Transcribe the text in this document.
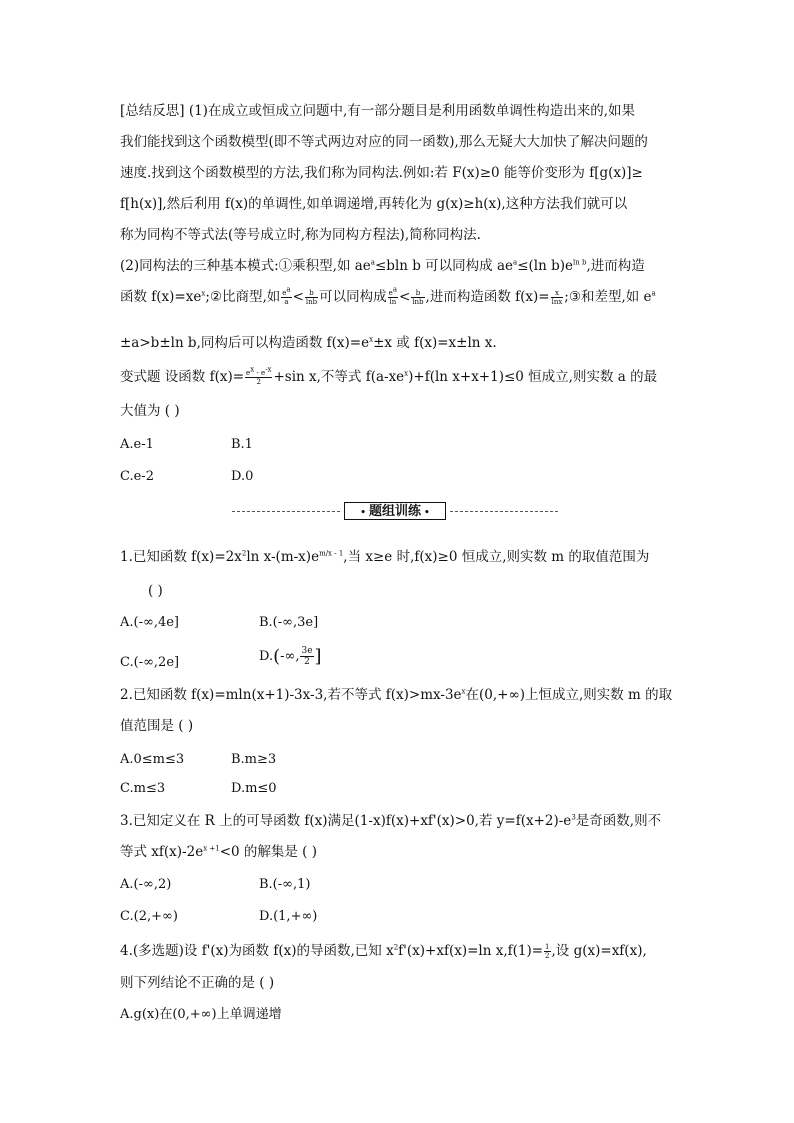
[总结反思] (1)在成立或恒成立问题中,有一部分题目是利用函数单调性构造出来的,如果
我们能找到这个函数模型(即不等式两边对应的同一函数),那么无疑大大加快了解决问题的
速度.找到这个函数模型的方法,我们称为同构法.例如:若 F(x)≥0 能等价变形为 f[g(x)]≥
f[h(x)],然后利用 f(x)的单调性,如单调递增,再转化为 g(x)≥h(x),这种方法我们就可以
称为同构不等式法(等号成立时,称为同构方程法),简称同构法.
(2)同构法的三种基本模式:①乘积型,如 $ae^a\le bln$ b 可以同构成 $ae^a\le(\ln$ $b)e^{ln b}$,进而构造
函数 $f(x)=xe^x;②$比商型,如 $\frac{e^a}{a} < \frac{b}{\ln b}$ 可以同构成 $\frac{e^a}{\ln} < \frac{b}{\ln b}$ ,进而构造函数 $f(x)= \frac{x}{\ln x}$ ;③和差型,如 $e^a$
±a>b±ln b,同构后可以构造函数 $f(x)=e^x\pm x$ 或 f(x)=x±ln x.
变式题 设函数 $f(x)= \frac{e^x - e^{-x}}{2} +\sin$ x,不等式 $f(a-xe^x)+f(\ln$ x+x+1)≤0 恒成立,则实数 a 的最
大值为 ( )
A.e-1	B.1
C.e-2	D.0
• 题组训练 •
1.已知函数 $f(x)=2x^2\ln$ $x-(m-x)e^{m/x - 1}$,当 x≥e 时,f(x)≥0 恒成立,则实数 m 的取值范围为
( )
A.(-∞,4e]	B.(-∞,3e]
C.(-∞,2e]	D.(-∞, $\frac{3e}{2}$ ]
2.已知函数 f(x)=mln(x+1)-3x-3,若不等式 $f(x)>mx-3e^x$在(0,+∞)上恒成立,则实数 m 的取
值范围是 ( )
A.0≤m≤3	B.m≥3
C.m≤3	D.m≤0
3.已知定义在 R 上的可导函数 f(x)满足(1-x)f(x)+xf'(x)>0,若 $y=f(x+2)-e^3$是奇函数,则不
等式 $xf(x)-2e^{x +1}<0$ 的解集是 ( )
A.(-∞,2)	B.(-∞,1)
C.(2,+∞)	D.(1,+∞)
4.(多选题)设 f'(x)为函数 f(x)的导函数,已知 $x^2f'(x)+xf(x)=\ln$ $x,f(1)= \frac{1}{2}$ ,设 g(x)=xf(x),
则下列结论不正确的是 ( )
A.g(x)在(0,+∞)上单调递增
